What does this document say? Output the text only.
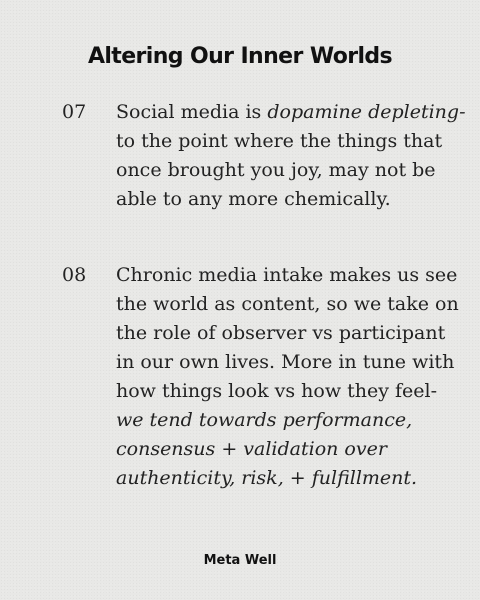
Altering Our Inner Worlds
07	Social media is dopamine depleting- to the point where the things that once brought you joy, may not be able to any more chemically.
08	Chronic media intake makes us see the world as content, so we take on the role of observer vs participant in our own lives. More in tune with how things look vs how they feel- we tend towards performance, consensus + validation over authenticity, risk, + fulfillment.
Meta Well
